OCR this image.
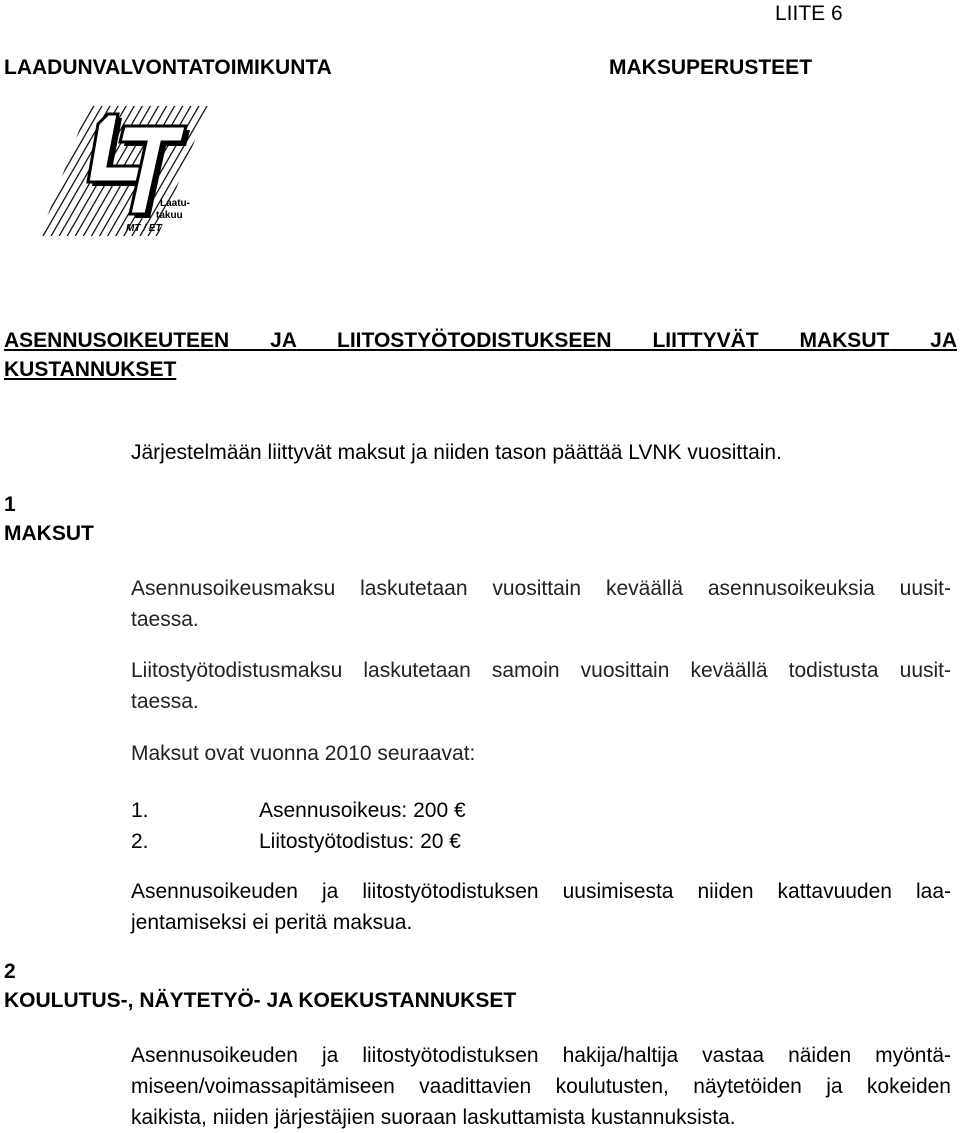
LIITE 6
LAADUNVALVONTATOIMIKUNTA	MAKSUPERUSTEET
Laatu-
takuu
MT / ET
ASENNUSOIKEUTEEN JA LIITOSTYÖTODISTUKSEEN LIITTYVÄT MAKSUT JA
KUSTANNUKSET
Järjestelmään liittyvät maksut ja niiden tason päättää LVNK vuosittain.
1
MAKSUT
Asennusoikeusmaksu laskutetaan vuosittain keväällä asennusoikeuksia uusit-
taessa.
Liitostyötodistusmaksu laskutetaan samoin vuosittain keväällä todistusta uusit-
taessa.
Maksut ovat vuonna 2010 seuraavat:
1.	Asennusoikeus: 200 €
2.	Liitostyötodistus: 20 €
Asennusoikeuden ja liitostyötodistuksen uusimisesta niiden kattavuuden laa-
jentamiseksi ei peritä maksua.
2
KOULUTUS-, NÄYTETYÖ- JA KOEKUSTANNUKSET
Asennusoikeuden ja liitostyötodistuksen hakija/haltija vastaa näiden myöntä-
miseen/voimassapitämiseen vaadittavien koulutusten, näytetöiden ja kokeiden
kaikista, niiden järjestäjien suoraan laskuttamista kustannuksista.
